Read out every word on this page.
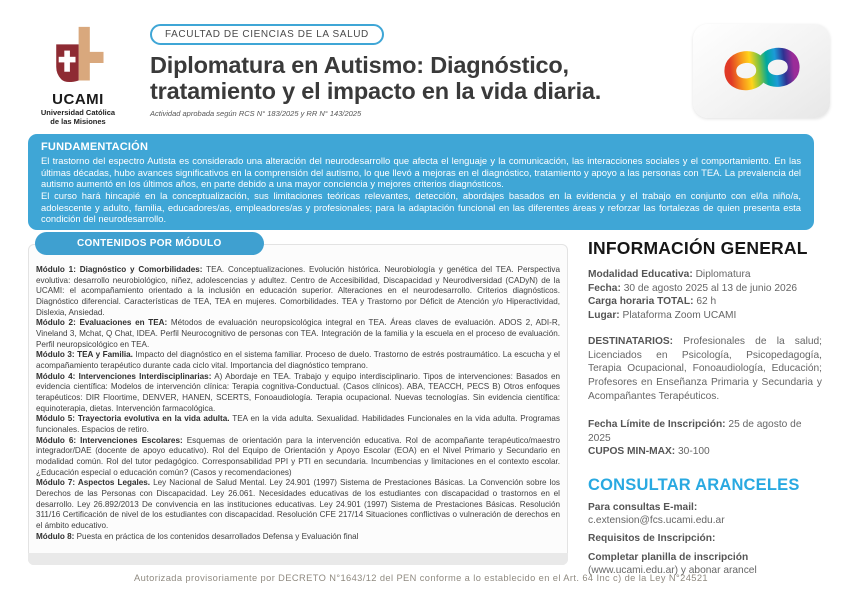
UCAMI
Universidad Católica
de las Misiones
FACULTAD DE CIENCIAS DE LA SALUD
Diplomatura en Autismo: Diagnóstico,
tratamiento y el impacto en la vida diaria.
Actividad aprobada según RCS N° 183/2025 y RR N° 143/2025
FUNDAMENTACIÓN

El trastorno del espectro Autista es considerado una alteración del neurodesarrollo que afecta el lenguaje y la comunicación, las interacciones sociales y el comportamiento. En las últimas décadas, hubo avances significativos en la comprensión del autismo, lo que llevó a mejoras en el diagnóstico, tratamiento y apoyo a las personas con TEA. La prevalencia del autismo aumentó en los últimos años, en parte debido a una mayor conciencia y mejores criterios diagnósticos.

El curso hará hincapié en la conceptualización, sus limitaciones teóricas relevantes, detección, abordajes basados en la evidencia y el trabajo en conjunto con el/la niño/a, adolescente y adulto, familia, educadores/as, empleadores/as y profesionales; para la adaptación funcional en las diferentes áreas y reforzar las fortalezas de quien presenta esta condición del neurodesarrollo.

CONTENIDOS POR MÓDULO

Módulo 1: Diagnóstico y Comorbilidades: TEA. Conceptualizaciones. Evolución histórica. Neurobiología y genética del TEA. Perspectiva evolutiva: desarrollo neurobiológico, niñez, adolescencias y adultez. Centro de Accesibilidad, Discapacidad y Neurodiversidad (CADyN) de la UCAMI: el acompañamiento orientado a la inclusión en educación superior. Alteraciones en el neurodesarrollo. Criterios diagnósticos. Diagnóstico diferencial. Características de TEA, TEA en mujeres. Comorbilidades. TEA y Trastorno por Déficit de Atención y/o Hiperactividad, Dislexia, Ansiedad.

Módulo 2: Evaluaciones en TEA: Métodos de evaluación neuropsicológica integral en TEA. Áreas claves de evaluación. ADOS 2, ADI-R, Vineland 3, Mchat, Q Chat, IDEA. Perfil Neurocognitivo de personas con TEA. Integración de la familia y la escuela en el proceso de evaluación. Perfil neuropsicológico en TEA.

Módulo 3: TEA y Familia. Impacto del diagnóstico en el sistema familiar. Proceso de duelo. Trastorno de estrés postraumático. La escucha y el acompañamiento terapéutico durante cada ciclo vital. Importancia del diagnóstico temprano.

Módulo 4: Intervenciones Interdisciplinarias: A) Abordaje en TEA. Trabajo y equipo interdisciplinario. Tipos de intervenciones: Basados en evidencia científica: Modelos de intervención clínica: Terapia cognitiva-Conductual. (Casos clínicos). ABA, TEACCH, PECS B) Otros enfoques terapéuticos: DIR Floortime, DENVER, HANEN, SCERTS, Fonoaudiología. Terapia ocupacional. Nuevas tecnologías. Sin evidencia científica: equinoterapia, dietas. Intervención farmacológica.

Módulo 5: Trayectoria evolutiva en la vida adulta. TEA en la vida adulta. Sexualidad. Habilidades Funcionales en la vida adulta. Programas funcionales. Espacios de retiro.

Módulo 6: Intervenciones Escolares: Esquemas de orientación para la intervención educativa. Rol de acompañante terapéutico/maestro integrador/DAE (docente de apoyo educativo). Rol del Equipo de Orientación y Apoyo Escolar (EOA) en el Nivel Primario y Secundario en modalidad común. Rol del tutor pedagógico. Corresponsabilidad PPI y PTI en secundaria. Incumbencias y limitaciones en el contexto escolar. ¿Educación especial o educación común? (Casos y recomendaciones)

Módulo 7: Aspectos Legales. Ley Nacional de Salud Mental. Ley 24.901 (1997) Sistema de Prestaciones Básicas. La Convención sobre los Derechos de las Personas con Discapacidad. Ley 26.061. Necesidades educativas de los estudiantes con discapacidad o trastornos en el desarrollo. Ley 26.892/2013 De convivencia en las instituciones educativas. Ley 24.901 (1997) Sistema de Prestaciones Básicas. Resolución 311/16 Certificación de nivel de los estudiantes con discapacidad. Resolución CFE 217/14 Situaciones conflictivas o vulneración de derechos en el ámbito educativo.

Módulo 8: Puesta en práctica de los contenidos desarrollados Defensa y Evaluación final

INFORMACIÓN GENERAL
Modalidad Educativa: Diplomatura
Fecha: 30 de agosto 2025 al 13 de junio 2026
Carga horaria TOTAL: 62 h
Lugar: Plataforma Zoom UCAMI
DESTINATARIOS: Profesionales de la salud; Licenciados en Psicología, Psicopedagogía, Terapia Ocupacional, Fonoaudiología, Educación; Profesores en Enseñanza Primaria y Secundaria y Acompañantes Terapéuticos.
Fecha Límite de Inscripción: 25 de agosto de 2025
CUPOS MIN-MAX: 30-100
CONSULTAR ARANCELES
Para consultas E-mail:
c.extension@fcs.ucami.edu.ar
Requisitos de Inscripción:
Completar planilla de inscripción
(www.ucami.edu.ar) y abonar arancel
Autorizada provisoriamente por DECRETO N°1643/12 del PEN conforme a lo establecido en el Art. 64 Inc c) de la Ley N°24521
